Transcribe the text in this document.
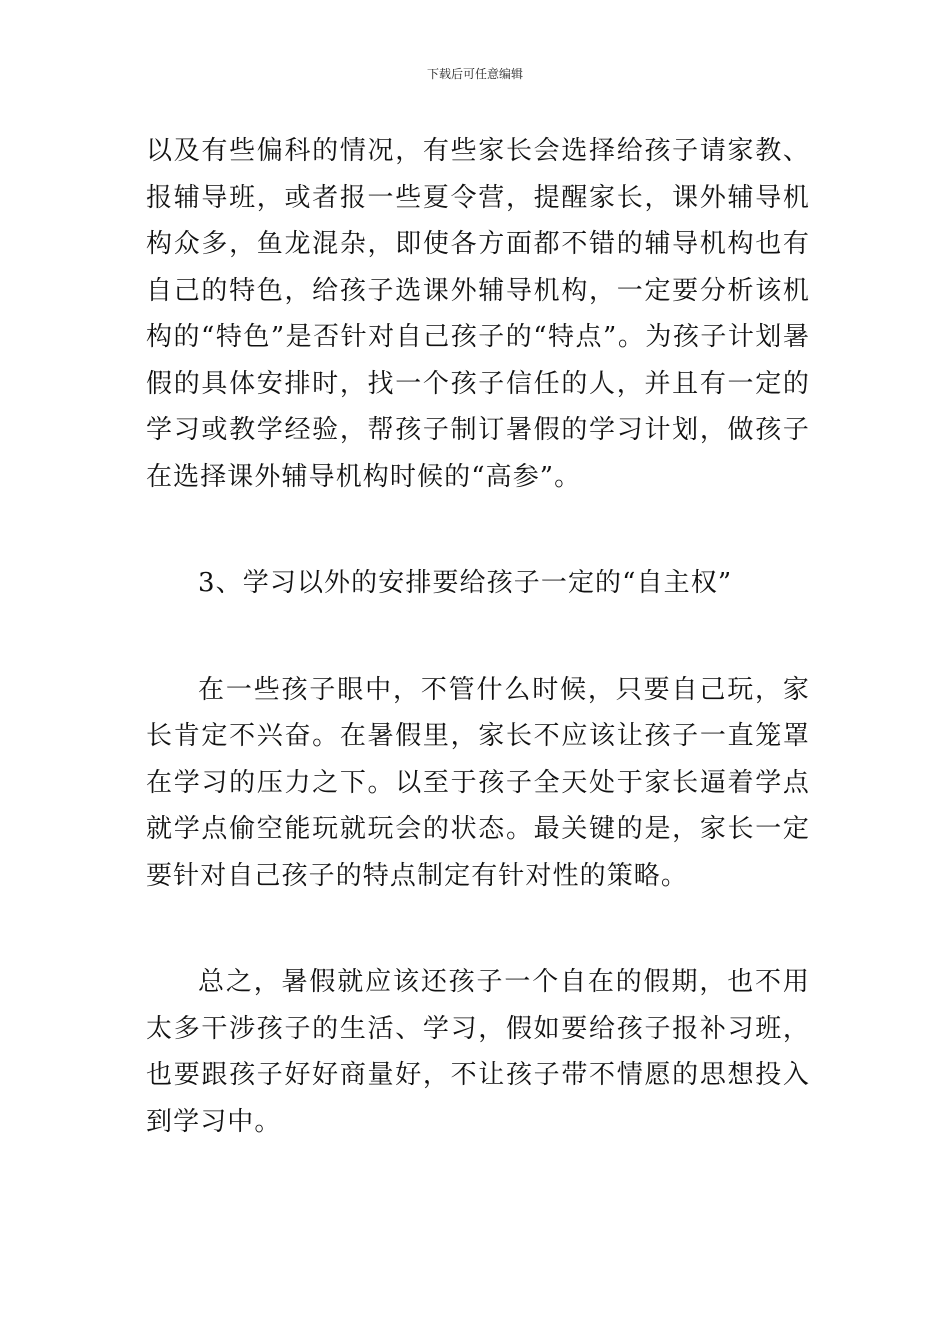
下载后可任意编辑

以及有些偏科的情况，有些家长会选择给孩子请家教、报辅导班，或者报一些夏令营，提醒家长，课外辅导机构众多，鱼龙混杂，即使各方面都不错的辅导机构也有自己的特色，给孩子选课外辅导机构，一定要分析该机构的“特色”是否针对自己孩子的“特点”。为孩子计划暑假的具体安排时，找一个孩子信任的人，并且有一定的学习或教学经验，帮孩子制订暑假的学习计划，做孩子在选择课外辅导机构时候的“高参”。

3、学习以外的安排要给孩子一定的“自主权”

在一些孩子眼中，不管什么时候，只要自己玩，家长肯定不兴奋。在暑假里，家长不应该让孩子一直笼罩在学习的压力之下。以至于孩子全天处于家长逼着学点就学点偷空能玩就玩会的状态。最关键的是，家长一定要针对自己孩子的特点制定有针对性的策略。

总之，暑假就应该还孩子一个自在的假期，也不用太多干涉孩子的生活、学习，假如要给孩子报补习班，也要跟孩子好好商量好，不让孩子带不情愿的思想投入到学习中。
